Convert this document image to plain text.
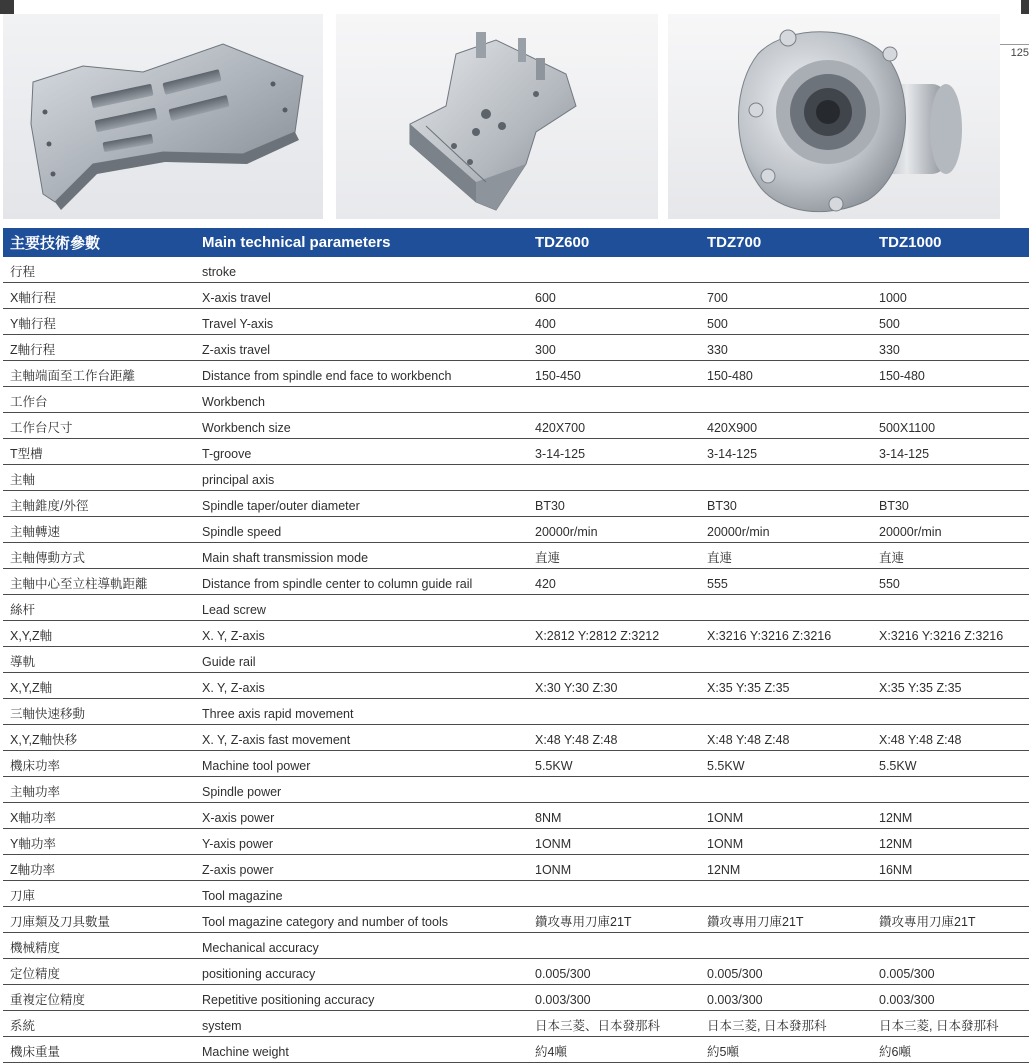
125
主要技術參數	Main technical parameters	TDZ600	TDZ700	TDZ1000
行程	stroke			
X軸行程	X-axis travel	600	700	1000
Y軸行程	Travel Y-axis	400	500	500
Z軸行程	Z-axis travel	300	330	330
主軸端面至工作台距離	Distance from spindle end face to workbench	150-450	150-480	150-480
工作台	Workbench			
工作台尺寸	Workbench size	420X700	420X900	500X1100
T型槽	T-groove	3-14-125	3-14-125	3-14-125
主軸	principal axis			
主軸錐度/外徑	Spindle taper/outer diameter	BT30	BT30	BT30
主軸轉速	Spindle speed	20000r/min	20000r/min	20000r/min
主軸傳動方式	Main shaft transmission mode	直連	直連	直連
主軸中心至立柱導軌距離	Distance from spindle center to column guide rail	420	555	550
絲杆	Lead screw			
X,Y,Z軸	X. Y, Z-axis	X:2812 Y:2812 Z:3212	X:3216 Y:3216 Z:3216	X:3216 Y:3216 Z:3216
導軌	Guide rail			
X,Y,Z軸	X. Y, Z-axis	X:30 Y:30 Z:30	X:35 Y:35 Z:35	X:35 Y:35 Z:35
三軸快速移動	Three axis rapid movement			
X,Y,Z軸快移	X. Y, Z-axis fast movement	X:48 Y:48 Z:48	X:48 Y:48 Z:48	X:48 Y:48 Z:48
機床功率	Machine tool power	5.5KW	5.5KW	5.5KW
主軸功率	Spindle power			
X軸功率	X-axis power	8NM	1ONM	12NM
Y軸功率	Y-axis power	1ONM	1ONM	12NM
Z軸功率	Z-axis power	1ONM	12NM	16NM
刀庫	Tool magazine			
刀庫類及刀具數量	Tool magazine category and number of tools	鑽攻專用刀庫21T	鑽攻專用刀庫21T	鑽攻專用刀庫21T
機械精度	Mechanical accuracy			
定位精度	positioning accuracy	0.005/300	0.005/300	0.005/300
重複定位精度	Repetitive positioning accuracy	0.003/300	0.003/300	0.003/300
系統	system	日本三菱、日本發那科	日本三菱, 日本發那科	日本三菱, 日本發那科
機床重量	Machine weight	約4噸	約5噸	約6噸
